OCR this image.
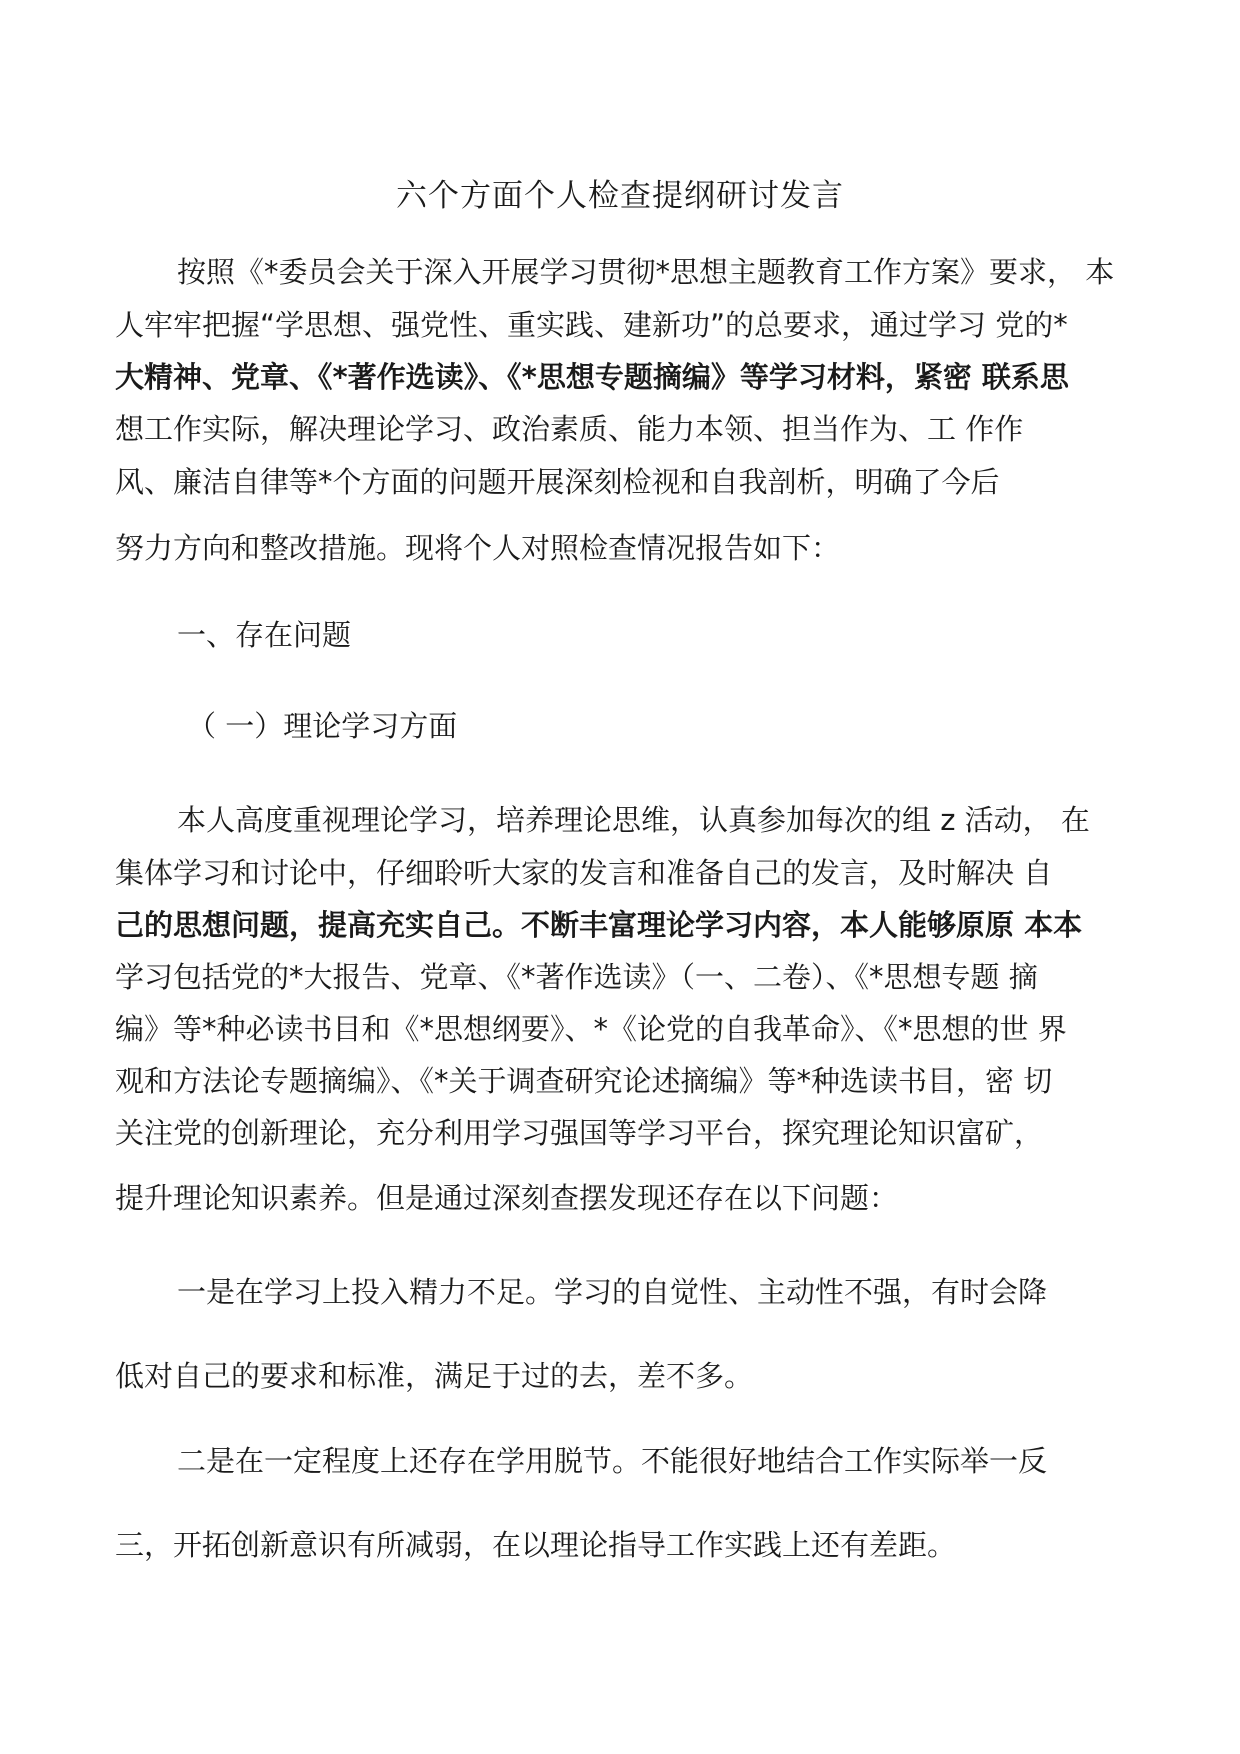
六个方面个人检查提纲研讨发言
按照《*委员会关于深入开展学习贯彻*思想主题教育工作方案》要求， 本
人牢牢把握“学思想、强党性、重实践、建新功”的总要求，通过学习 党的*
大精神、党章、《*著作选读》、《*思想专题摘编》等学习材料，紧密 联系思
想工作实际，解决理论学习、政治素质、能力本领、担当作为、工 作作
风、廉洁自律等*个方面的问题开展深刻检视和自我剖析，明确了今后
努力方向和整改措施。现将个人对照检查情况报告如下：
一、存在问题
（ 一）理论学习方面
本人高度重视理论学习，培养理论思维，认真参加每次的组 z 活动， 在
集体学习和讨论中，仔细聆听大家的发言和准备自己的发言，及时解决 自
己的思想问题，提高充实自己。不断丰富理论学习内容，本人能够原原 本本
学习包括党的*大报告、党章、《*著作选读》（一、二卷）、《*思想专题 摘
编》等*种必读书目和《*思想纲要》、*《论党的自我革命》、《*思想的世 界
观和方法论专题摘编》、《*关于调查研究论述摘编》等*种选读书目，密 切
关注党的创新理论，充分利用学习强国等学习平台，探究理论知识富矿，
提升理论知识素养。但是通过深刻查摆发现还存在以下问题：
一是在学习上投入精力不足。学习的自觉性、主动性不强，有时会降
低对自己的要求和标准，满足于过的去，差不多。
二是在一定程度上还存在学用脱节。不能很好地结合工作实际举一反
三，开拓创新意识有所减弱，在以理论指导工作实践上还有差距。
